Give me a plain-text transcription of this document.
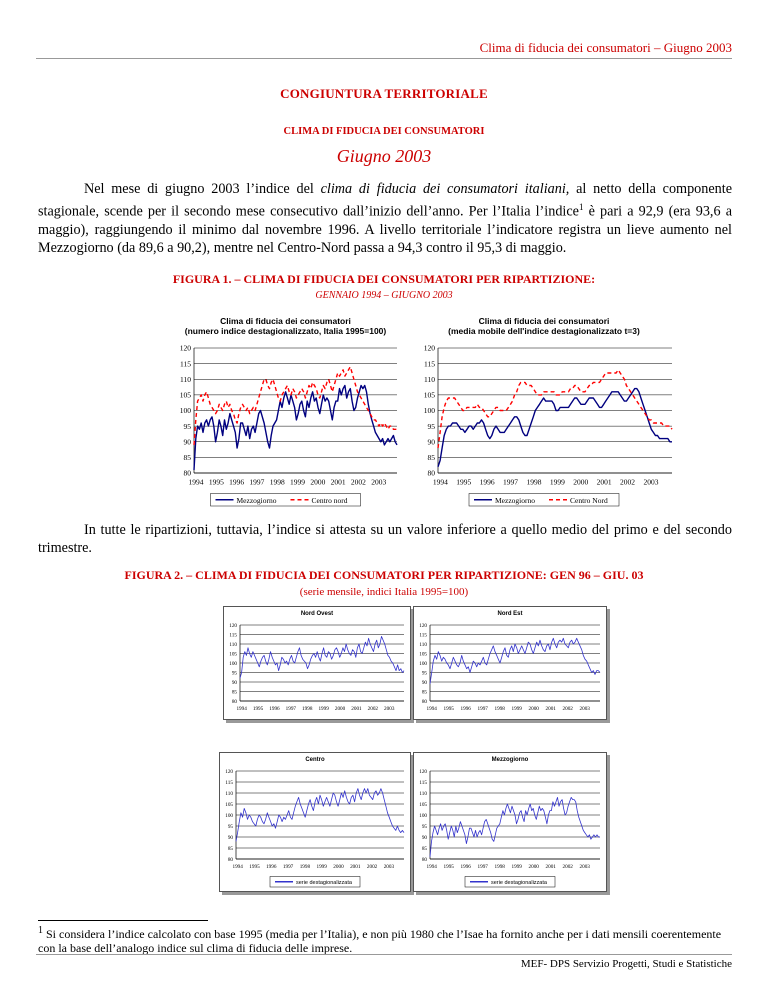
Clima di fiducia dei consumatori – Giugno 2003
CONGIUNTURA TERRITORIALE
CLIMA DI FIDUCIA DEI CONSUMATORI
Giugno 2003
Nel mese di giugno 2003 l’indice del clima di fiducia dei consumatori italiani, al netto della componente stagionale, scende per il secondo mese consecutivo dall’inizio dell’anno. Per l’Italia l’indice$^1$ è pari a 92,9 (era 93,6 a maggio), raggiungendo il minimo dal novembre 1996. A livello territoriale l’indicatore registra un lieve aumento nel Mezzogiorno (da 89,6 a 90,2), mentre nel Centro-Nord passa a 94,3 contro il 95,3 di maggio.
FIGURA 1. – CLIMA DI FIDUCIA DEI CONSUMATORI PER RIPARTIZIONE:
GENNAIO 1994 – GIUGNO 2003
Clima di fiducia dei consumatori
(numero indice destagionalizzato, Italia 1995=100)
80
85
90
95
100
105
110
115
120
1994 1995 1996 1997 1998 1999 2000 2001 2002 2003
Mezzogiorno	Centro nord
Clima di fiducia dei consumatori
(media mobile dell'indice destagionalizzato t=3)
80
85
90
95
100
105
110
115
120
1994 1995 1996 1997 1998 1999 2000 2001 2002 2003
Mezzogiorno	Centro Nord
In tutte le ripartizioni, tuttavia, l’indice si attesta su un valore inferiore a quello medio del primo e del secondo trimestre.
FIGURA 2. – CLIMA DI FIDUCIA DEI CONSUMATORI PER RIPARTIZIONE: GEN 96 – GIU. 03
(serie mensile, indici Italia 1995=100)
Nord Ovest
80
85
90
95
100
105
110
115
120
1994 1995 1996 1997 1998 1999 2000 2001 2002 2003
Nord Est
80
85
90
95
100
105
110
115
120
1994 1995 1996 1997 1998 1999 2000 2001 2002 2003
Centro
80
85
90
95
100
105
110
115
120
1994 1995 1996 1997 1998 1999 2000 2001 2002 2003
serie destagionalizzata
Mezzogiorno
80
85
90
95
100
105
110
115
120
1994 1995 1996 1997 1998 1999 2000 2001 2002 2003
serie destagionalizzata
$^1$ Si considera l’indice calcolato con base 1995 (media per l’Italia), e non più 1980 che l’Isae ha fornito anche per i dati mensili coerentemente con la base dell’analogo indice sul clima di fiducia delle imprese.
MEF- DPS Servizio Progetti, Studi e Statistiche
